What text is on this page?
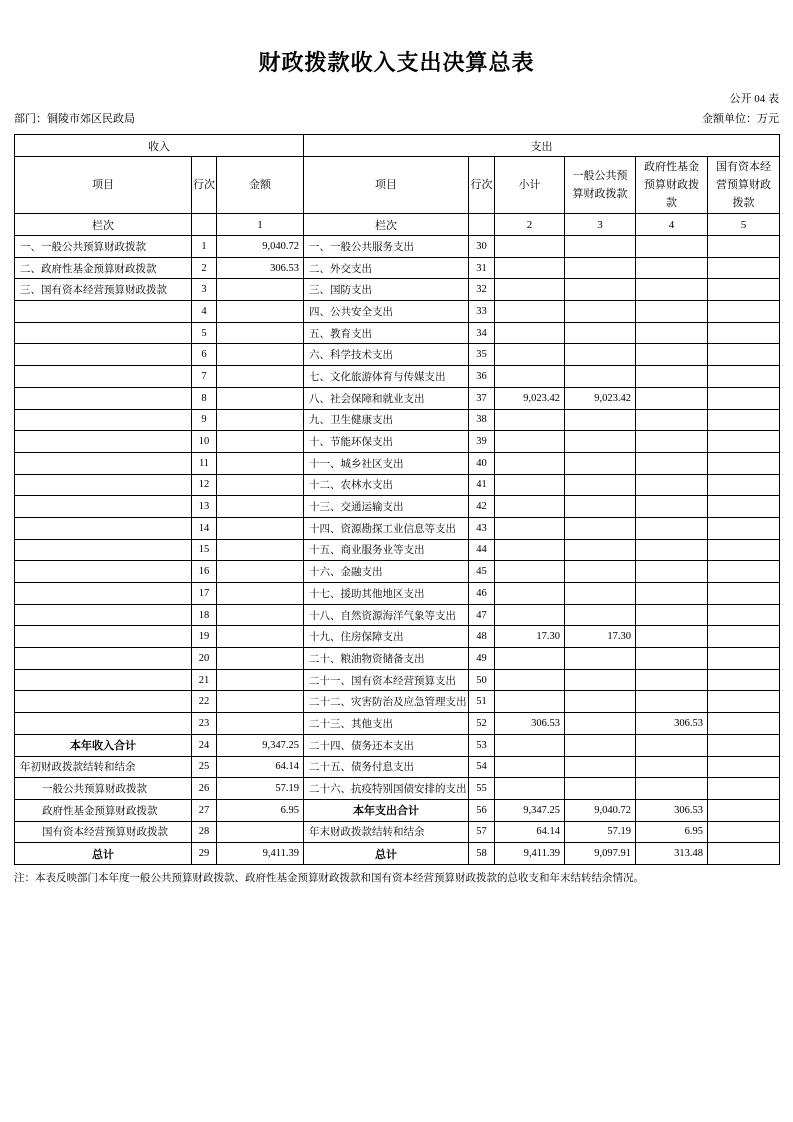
财政拨款收入支出决算总表
公开 04 表
部门：铜陵市郊区民政局	金额单位：万元
收入			支出					
项目	行次	金额	项目	行次	小计	一般公共预算财政拨款	政府性基金预算财政拨款	国有资本经营预算财政拨款
栏次		1	栏次		2	3	4	5
一、一般公共预算财政拨款	1	9,040.72	一、一般公共服务支出	30				
二、政府性基金预算财政拨款	2	306.53	二、外交支出	31				
三、国有资本经营预算财政拨款	3		三、国防支出	32				
	4		四、公共安全支出	33				
	5		五、教育支出	34				
	6		六、科学技术支出	35				
	7		七、文化旅游体育与传媒支出	36				
	8		八、社会保障和就业支出	37	9,023.42	9,023.42		
	9		九、卫生健康支出	38				
	10		十、节能环保支出	39				
	11		十一、城乡社区支出	40				
	12		十二、农林水支出	41				
	13		十三、交通运输支出	42				
	14		十四、资源勘探工业信息等支出	43				
	15		十五、商业服务业等支出	44				
	16		十六、金融支出	45				
	17		十七、援助其他地区支出	46				
	18		十八、自然资源海洋气象等支出	47				
	19		十九、住房保障支出	48	17.30	17.30		
	20		二十、粮油物资储备支出	49				
	21		二十一、国有资本经营预算支出	50				
	22		二十二、灾害防治及应急管理支出	51				
	23		二十三、其他支出	52	306.53		306.53	
本年收入合计	24	9,347.25	二十四、债务还本支出	53				
年初财政拨款结转和结余	25	64.14	二十五、债务付息支出	54				
一般公共预算财政拨款	26	57.19	二十六、抗疫特别国债安排的支出	55				
政府性基金预算财政拨款	27	6.95	本年支出合计	56	9,347.25	9,040.72	306.53	
国有资本经营预算财政拨款	28		年末财政拨款结转和结余	57	64.14	57.19	6.95	
总计	29	9,411.39	总计	58	9,411.39	9,097.91	313.48	
注：本表反映部门本年度一般公共预算财政拨款、政府性基金预算财政拨款和国有资本经营预算财政拨款的总收支和年末结转结余情况。
